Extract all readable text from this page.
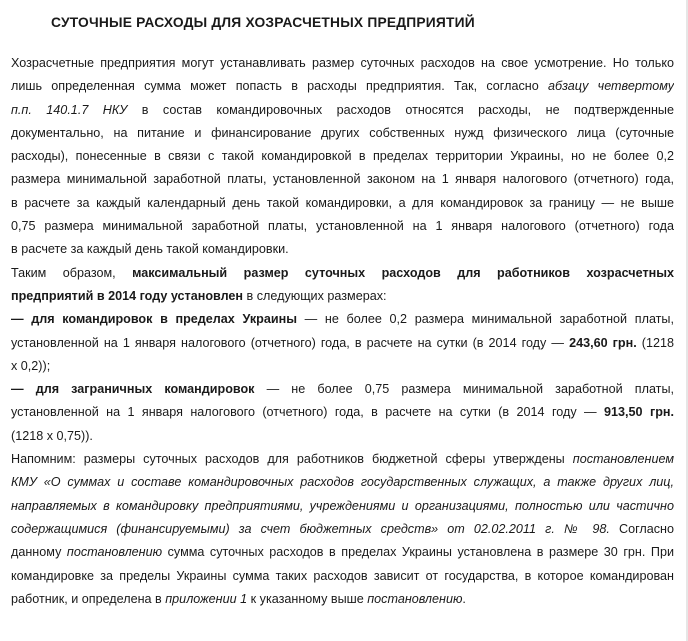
СУТОЧНЫЕ РАСХОДЫ ДЛЯ ХОЗРАСЧЕТНЫХ ПРЕДПРИЯТИЙ
Хозрасчетные предприятия могут устанавливать размер суточных расходов на свое усмотрение. Но только
лишь определенная сумма может попасть в расходы предприятия. Так, согласно абзацу четвертому
п.п. 140.1.7 НКУ в состав командировочных расходов относятся расходы, не подтвержденные
документально, на питание и финансирование других собственных нужд физического лица (суточные
расходы), понесенные в связи с такой командировкой в пределах территории Украины, но не более 0,2
размера минимальной заработной платы, установленной законом на 1 января налогового (отчетного) года,
в расчете за каждый календарный день такой командировки, а для командировок за границу — не выше
0,75 размера минимальной заработной платы, установленной на 1 января налогового (отчетного) года
в расчете за каждый день такой командировки.
Таким образом, максимальный размер суточных расходов для работников хозрасчетных
предприятий в 2014 году установлен в следующих размерах:
— для командировок в пределах Украины — не более 0,2 размера минимальной заработной платы,
установленной на 1 января налогового (отчетного) года, в расчете на сутки (в 2014 году — 243,60 грн. (1218
х 0,2));
— для заграничных командировок — не более 0,75 размера минимальной заработной платы,
установленной на 1 января налогового (отчетного) года, в расчете на сутки (в 2014 году — 913,50 грн.
(1218 х 0,75)).
Напомним: размеры суточных расходов для работников бюджетной сферы утверждены постановлением
КМУ «О суммах и составе командировочных расходов государственных служащих, а также других лиц,
направляемых в командировку предприятиями, учреждениями и организациями, полностью или частично
содержащимися (финансируемыми) за счет бюджетных средств» от 02.02.2011 г. № 98. Согласно
данному постановлению сумма суточных расходов в пределах Украины установлена в размере 30 грн. При
командировке за пределы Украины сумма таких расходов зависит от государства, в которое командирован
работник, и определена в приложении 1 к указанному выше постановлению.
